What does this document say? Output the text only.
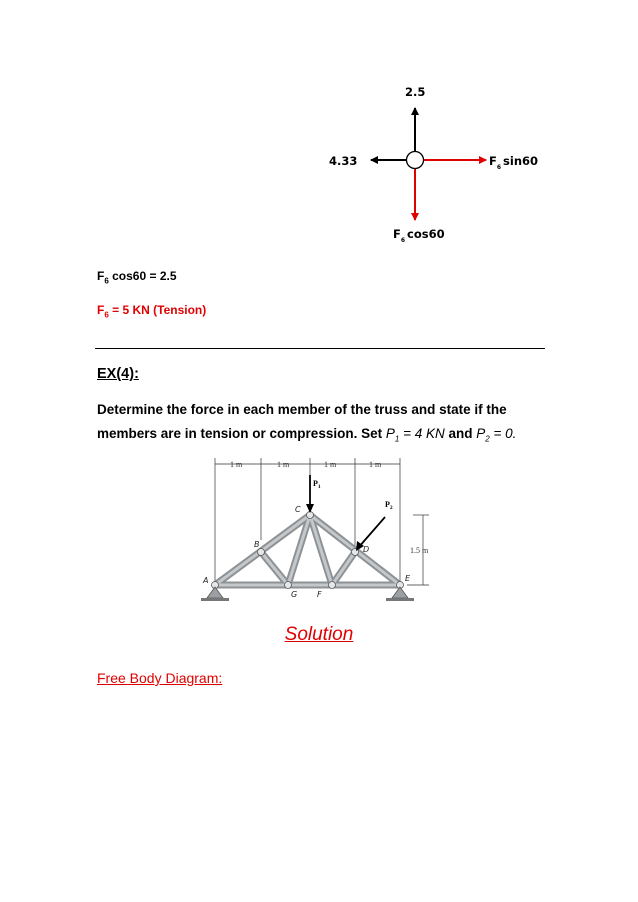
2.5
4.33	$F_6$ sin60
$F_6$ cos60
$F_6$ cos60 = 2.5
$F_6 = 5$ KN (Tension)
EX(4):
Determine the force in each member of the truss and state if the members are in tension or compression. Set $P_1 = 4$ KN and $P_2 = 0$.
1 m	1 m	1 m	1 m
1.5 m
$P_1$
$P_2$
A
B
C
D
E
G F
Solution
Free Body Diagram:
